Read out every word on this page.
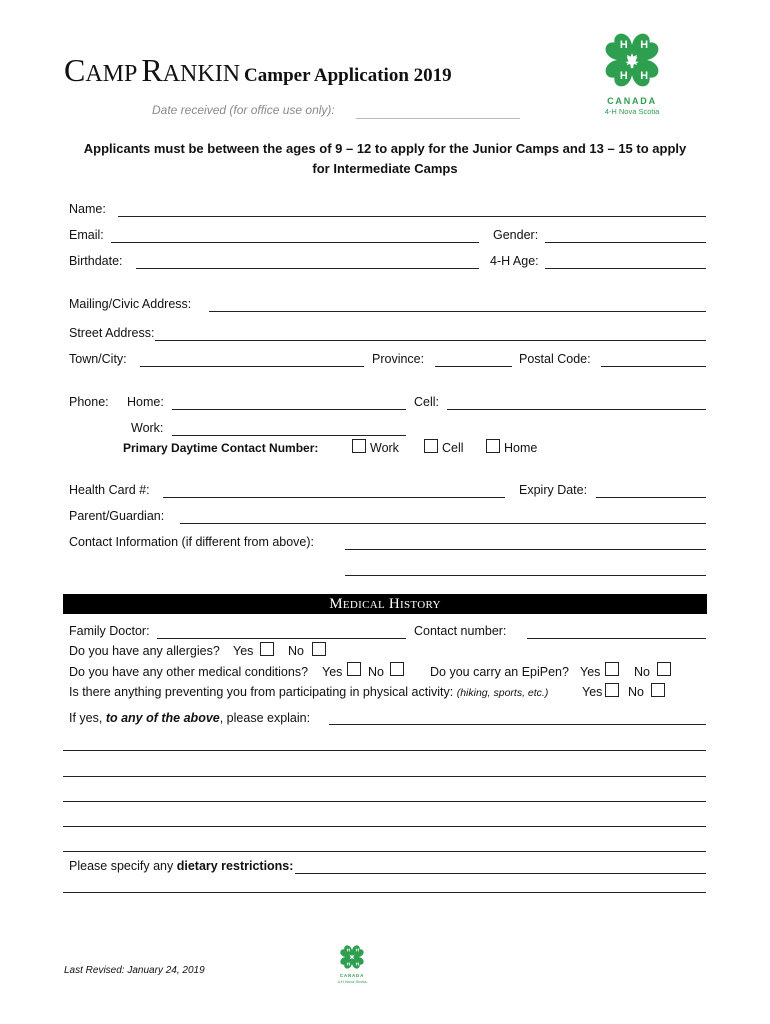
CAMP RANKIN Camper Application 2019
Date received (for office use only):
H H
H H
CANADA
4-H Nova Scotia
Applicants must be between the ages of 9 – 12 to apply for the Junior Camps and 13 – 15 to apply
for Intermediate Camps
Name:
Email:	Gender:
Birthdate:	4-H Age:
Mailing/Civic Address:
Street Address:
Town/City:	Province:	Postal Code:
Phone: Home:	Cell:
Work:
Primary Daytime Contact Number:	Work	Cell	Home
Health Card #:	Expiry Date:
Parent/Guardian:
Contact Information (if different from above):
MEDICAL HISTORY
Family Doctor:	Contact number:
Do you have any allergies? Yes	No
Do you have any other medical conditions? Yes No	Do you carry an EpiPen? Yes	No
Is there anything preventing you from participating in physical activity: (hiking, sports, etc.)	Yes No
If yes, to any of the above, please explain:
Please specify any dietary restrictions:
Last Revised: January 24, 2019
H H
H H
CANADA
4-H Nova Scotia
